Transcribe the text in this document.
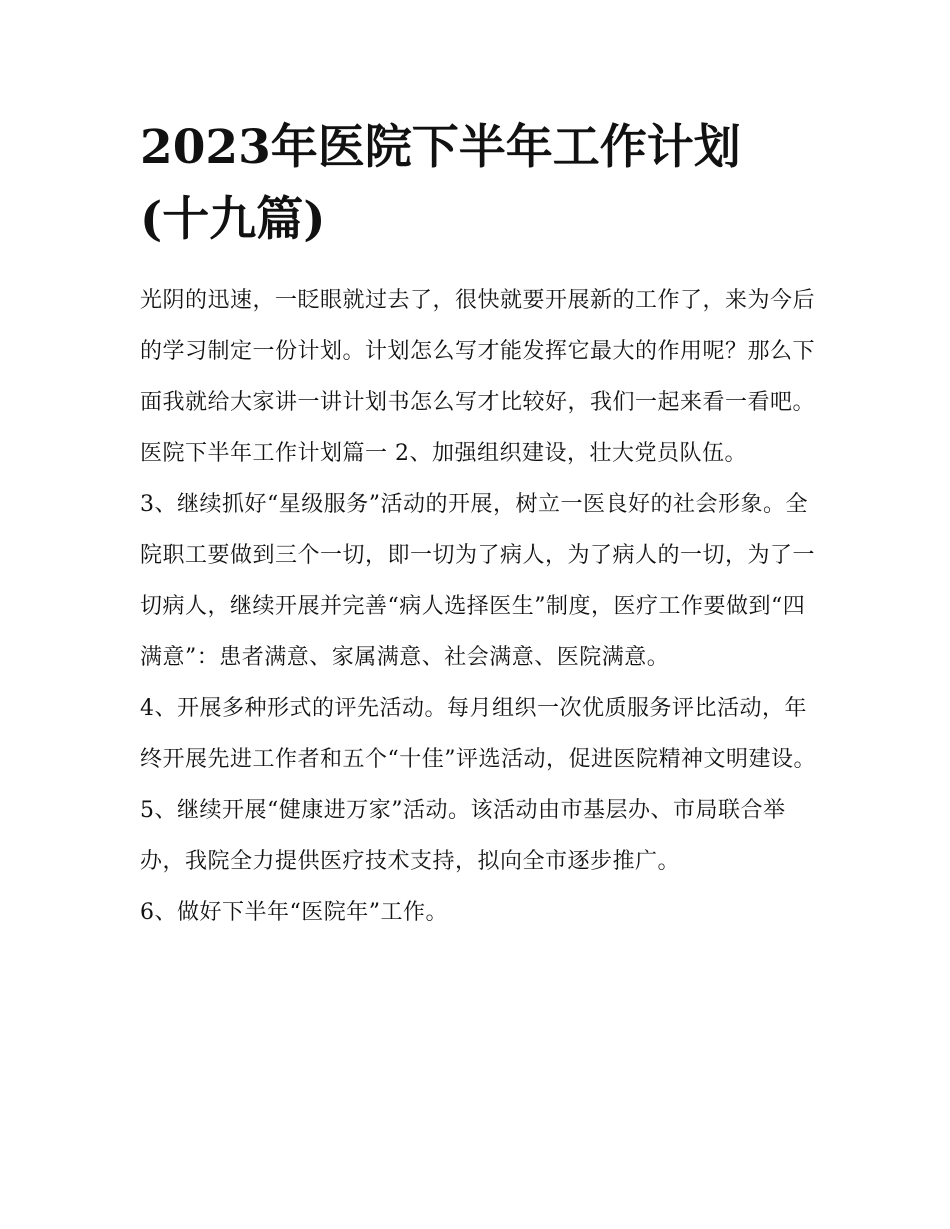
2023年医院下半年工作计划
(十九篇)

光阴的迅速，一眨眼就过去了，很快就要开展新的工作了，来为今后的学习制定一份计划。计划怎么写才能发挥它最大的作用呢？那么下面我就给大家讲一讲计划书怎么写才比较好，我们一起来看一看吧。

医院下半年工作计划篇一 2、加强组织建设，壮大党员队伍。

3、继续抓好“星级服务”活动的开展，树立一医良好的社会形象。全院职工要做到三个一切，即一切为了病人，为了病人的一切，为了一切病人，继续开展并完善“病人选择医生”制度，医疗工作要做到“四满意”：患者满意、家属满意、社会满意、医院满意。

4、开展多种形式的评先活动。每月组织一次优质服务评比活动，年终开展先进工作者和五个“十佳”评选活动，促进医院精神文明建设。

5、继续开展“健康进万家”活动。该活动由市基层办、市局联合举办，我院全力提供医疗技术支持，拟向全市逐步推广。

6、做好下半年“医院年”工作。
